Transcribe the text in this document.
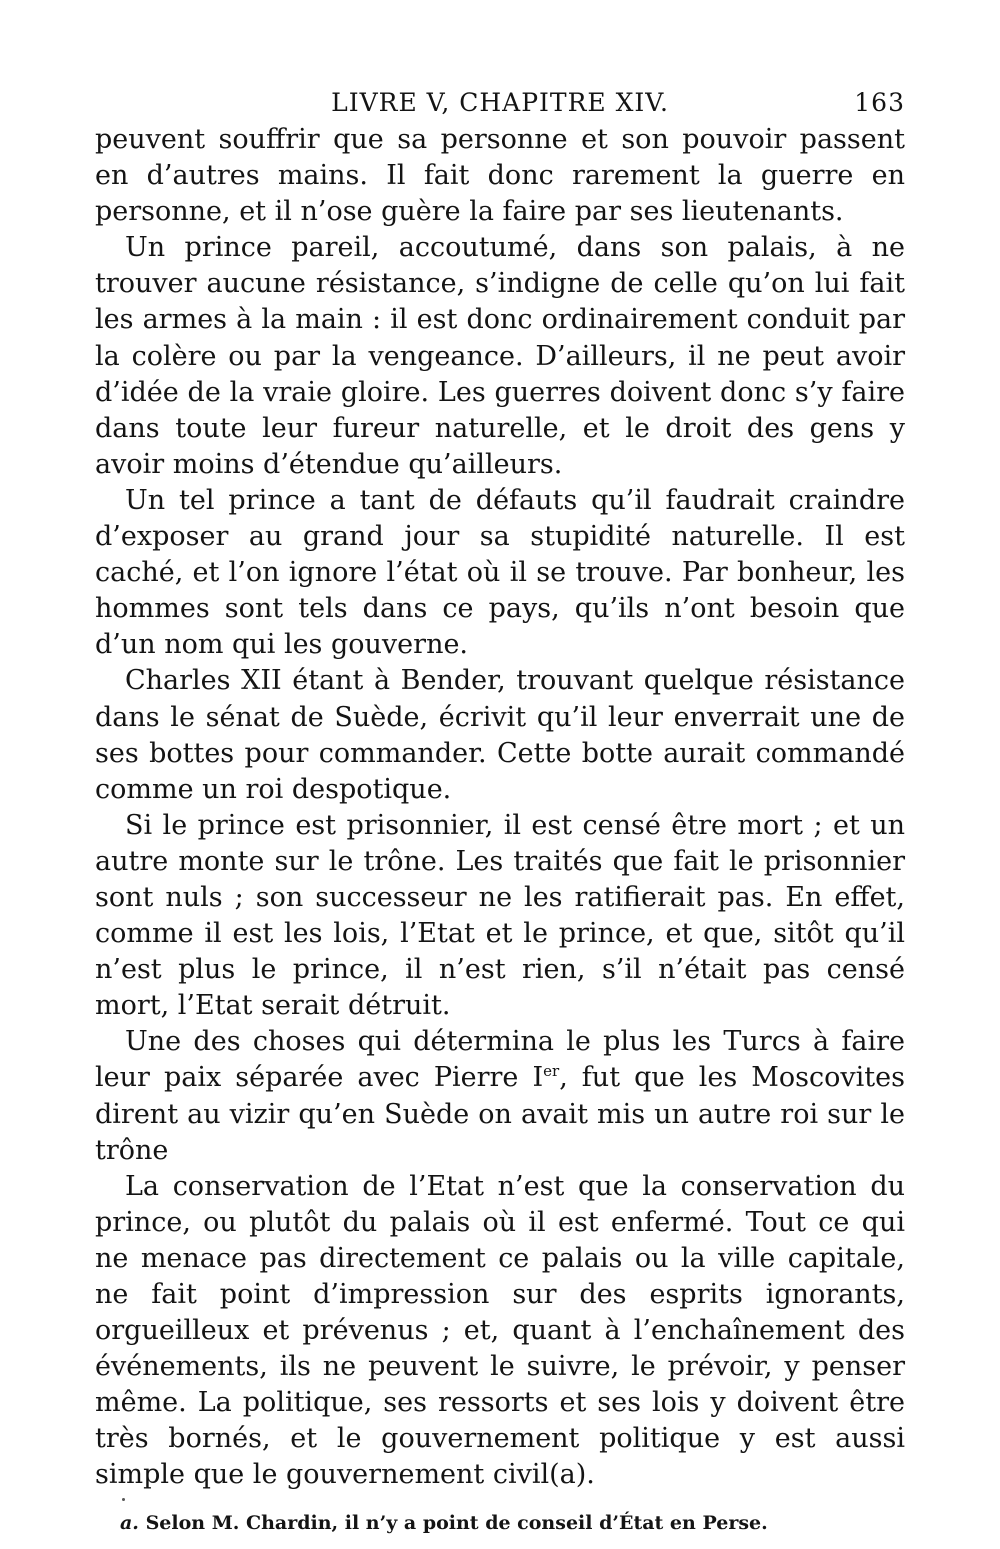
LIVRE V, CHAPITRE XIV.	163

peuvent souffrir que sa personne et son pouvoir passent en d’autres mains. Il fait donc rarement la guerre en personne, et il n’ose guère la faire par ses lieutenants.

Un prince pareil, accoutumé, dans son palais, à ne trouver aucune résistance, s’indigne de celle qu’on lui fait les armes à la main : il est donc ordinairement conduit par la colère ou par la vengeance. D’ailleurs, il ne peut avoir d’idée de la vraie gloire. Les guerres doivent donc s’y faire dans toute leur fureur naturelle, et le droit des gens y avoir moins d’étendue qu’ailleurs.

Un tel prince a tant de défauts qu’il faudrait craindre d’exposer au grand jour sa stupidité naturelle. Il est caché, et l’on ignore l’état où il se trouve. Par bonheur, les hommes sont tels dans ce pays, qu’ils n’ont besoin que d’un nom qui les gouverne.

Charles XII étant à Bender, trouvant quelque résistance dans le sénat de Suède, écrivit qu’il leur enverrait une de ses bottes pour commander. Cette botte aurait commandé comme un roi despotique.

Si le prince est prisonnier, il est censé être mort ; et un autre monte sur le trône. Les traités que fait le prisonnier sont nuls ; son successeur ne les ratifierait pas. En effet, comme il est les lois, l’Etat et le prince, et que, sitôt qu’il n’est plus le prince, il n’est rien, s’il n’était pas censé mort, l’Etat serait détruit.

Une des choses qui détermina le plus les Turcs à faire leur paix séparée avec Pierre Ier, fut que les Moscovites dirent au vizir qu’en Suède on avait mis un autre roi sur le trône

La conservation de l’Etat n’est que la conservation du prince, ou plutôt du palais où il est enfermé. Tout ce qui ne menace pas directement ce palais ou la ville capitale, ne fait point d’impression sur des esprits ignorants, orgueilleux et prévenus ; et, quant à l’enchaînement des événements, ils ne peuvent le suivre, le prévoir, y penser même. La politique, ses ressorts et ses lois y doivent être très bornés, et le gouvernement politique y est aussi simple que le gouvernement civil(a).

a. Selon M. Chardin, il n’y a point de conseil d’État en Perse.
